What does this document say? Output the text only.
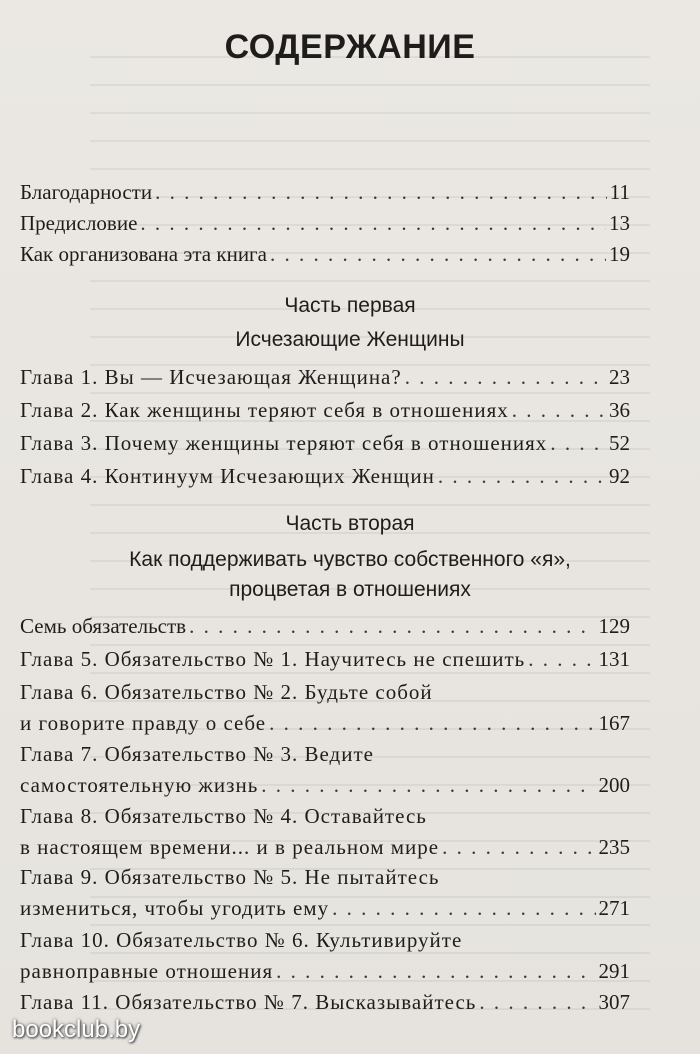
СОДЕРЖАНИЕ
Благодарности . . .	11
Предисловие . . .	13
Как организована эта книга . . .	19
Часть первая
Исчезающие Женщины
Глава 1. Вы — Исчезающая Женщина? . . .	23
Глава 2. Как женщины теряют себя в отношениях . . .	36
Глава 3. Почему женщины теряют себя в отношениях . . .	52
Глава 4. Континуум Исчезающих Женщин . . .	92
Часть вторая
Как поддерживать чувство собственного «я»,
процветая в отношениях
Семь обязательств . . .	129
Глава 5. Обязательство № 1. Научитесь не спешить . . .	131
Глава 6. Обязательство № 2. Будьте собой
и говорите правду о себе . . .	167
Глава 7. Обязательство № 3. Ведите
самостоятельную жизнь . . .	200
Глава 8. Обязательство № 4. Оставайтесь
в настоящем времени... и в реальном мире . . .	235
Глава 9. Обязательство № 5. Не пытайтесь
измениться, чтобы угодить ему . . .	271
Глава 10. Обязательство № 6. Культивируйте
равноправные отношения . . .	291
Глава 11. Обязательство № 7. Высказывайтесь . . .	307
bookclub.by
